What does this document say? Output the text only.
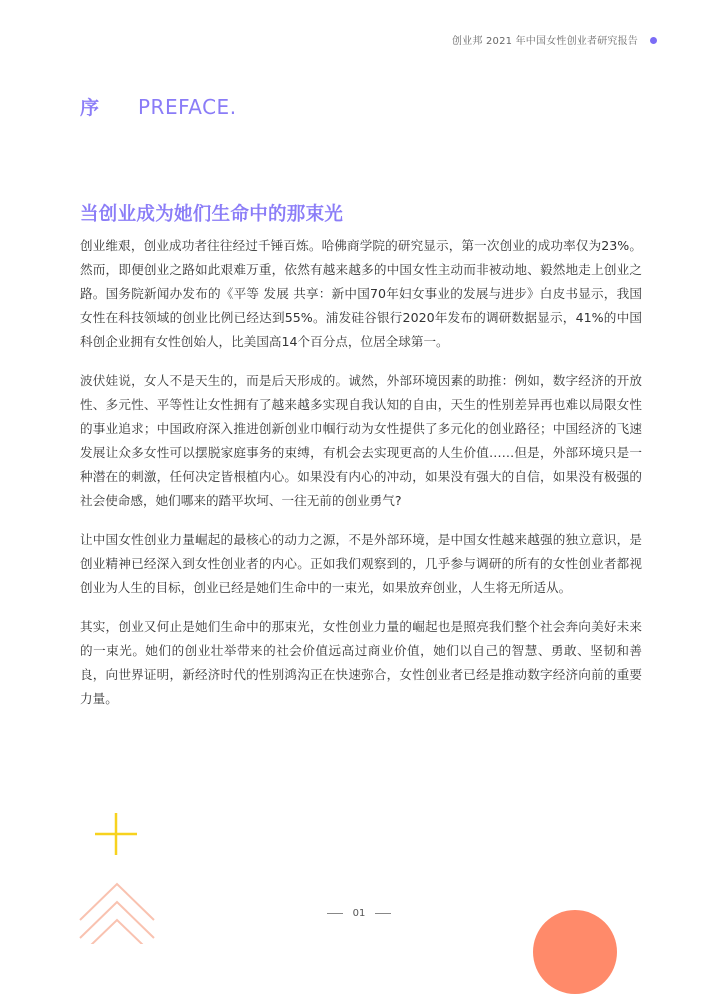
创业邦 2021 年中国女性创业者研究报告
序	PREFACE.
当创业成为她们生命中的那束光

创业维艰，创业成功者往往经过千锤百炼。哈佛商学院的研究显示，第一次创业的成功率仅为23%。然而，即便创业之路如此艰难万重，依然有越来越多的中国女性主动而非被动地、毅然地走上创业之路。国务院新闻办发布的《平等 发展 共享：新中国70年妇女事业的发展与进步》白皮书显示，我国女性在科技领域的创业比例已经达到55%。浦发硅谷银行2020年发布的调研数据显示，41%的中国科创企业拥有女性创始人，比美国高14个百分点，位居全球第一。

波伏娃说，女人不是天生的，而是后天形成的。诚然，外部环境因素的助推：例如，数字经济的开放性、多元性、平等性让女性拥有了越来越多实现自我认知的自由，天生的性别差异再也难以局限女性的事业追求；中国政府深入推进创新创业巾帼行动为女性提供了多元化的创业路径；中国经济的飞速发展让众多女性可以摆脱家庭事务的束缚，有机会去实现更高的人生价值……但是，外部环境只是一种潜在的刺激，任何决定皆根植内心。如果没有内心的冲动，如果没有强大的自信，如果没有极强的社会使命感，她们哪来的踏平坎坷、一往无前的创业勇气?

让中国女性创业力量崛起的最核心的动力之源，不是外部环境，是中国女性越来越强的独立意识，是创业精神已经深入到女性创业者的内心。正如我们观察到的，几乎参与调研的所有的女性创业者都视创业为人生的目标，创业已经是她们生命中的一束光，如果放弃创业，人生将无所适从。

其实，创业又何止是她们生命中的那束光，女性创业力量的崛起也是照亮我们整个社会奔向美好未来的一束光。她们的创业壮举带来的社会价值远高过商业价值，她们以自己的智慧、勇敢、坚韧和善良，向世界证明，新经济时代的性别鸿沟正在快速弥合，女性创业者已经是推动数字经济向前的重要力量。

01
